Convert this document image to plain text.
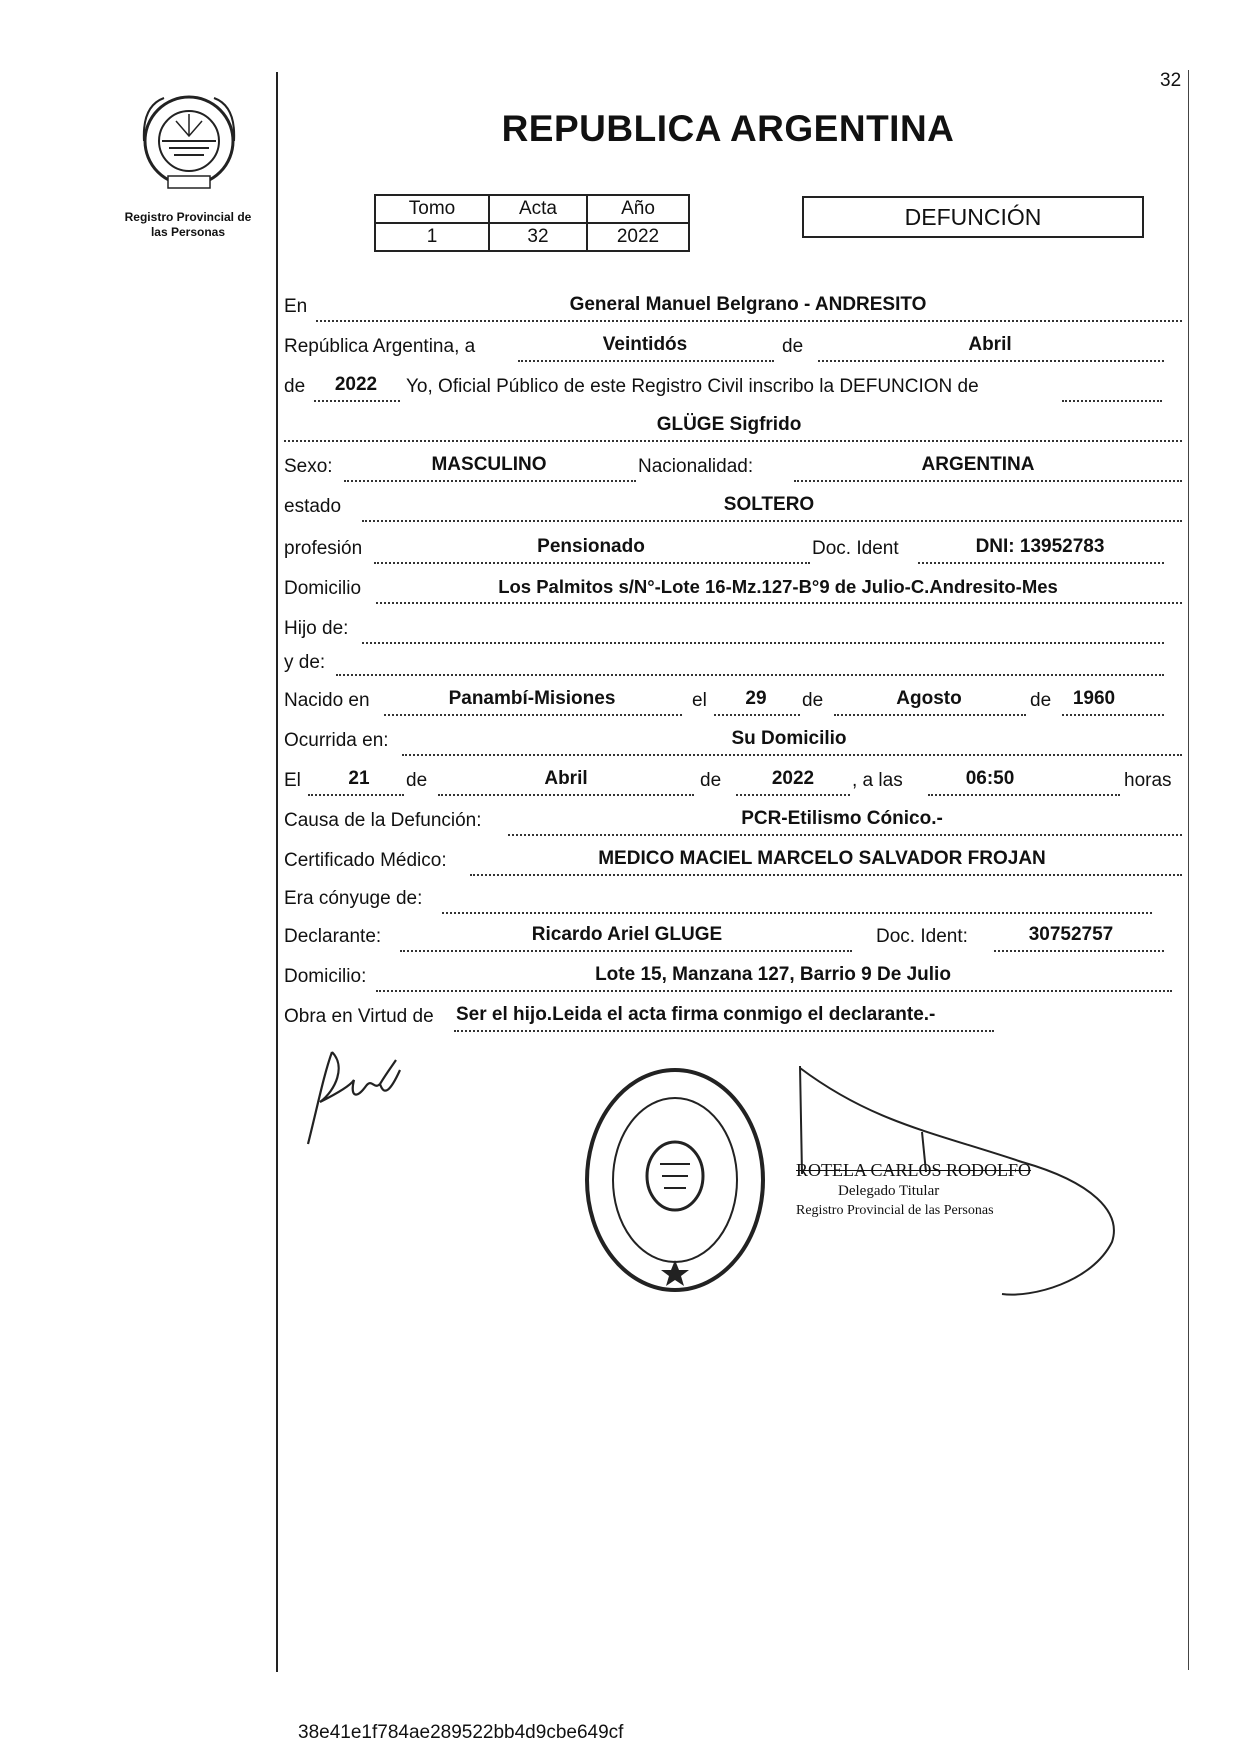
32
Registro Provincial de
las Personas
REPUBLICA ARGENTINA
Tomo	Acta	Año
1	32	2022
DEFUNCIÓN
En	General Manuel Belgrano - ANDRESITO
República Argentina, a	Veintidós	de	Abril
de	2022	Yo, Oficial Público de este Registro Civil inscribo la DEFUNCION de
GLÜGE Sigfrido
Sexo:	MASCULINO	Nacionalidad:	ARGENTINA
estado	SOLTERO
profesión	Pensionado	Doc. Ident	DNI: 13952783
Domicilio	Los Palmitos s/N°-Lote 16-Mz.127-B°9 de Julio-C.Andresito-Mes
Hijo de:
y de:
Nacido en	Panambí-Misiones	el	29	de	Agosto	de	1960
Ocurrida en:	Su Domicilio
El	21	de	Abril	de	2022	, a las	06:50	horas
Causa de la Defunción:	PCR-Etilismo Cónico.-
Certificado Médico:	MEDICO MACIEL MARCELO SALVADOR FROJAN
Era cónyuge de:
Declarante:	Ricardo Ariel GLUGE	Doc. Ident:	30752757
Domicilio:	Lote 15, Manzana 127, Barrio 9 De Julio
Obra en Virtud de Ser el hijo.Leida el acta firma conmigo el declarante.-
ROTELA CARLOS RODOLFO
Delegado Titular
Registro Provincial de las Personas
38e41e1f784ae289522bb4d9cbe649cf
